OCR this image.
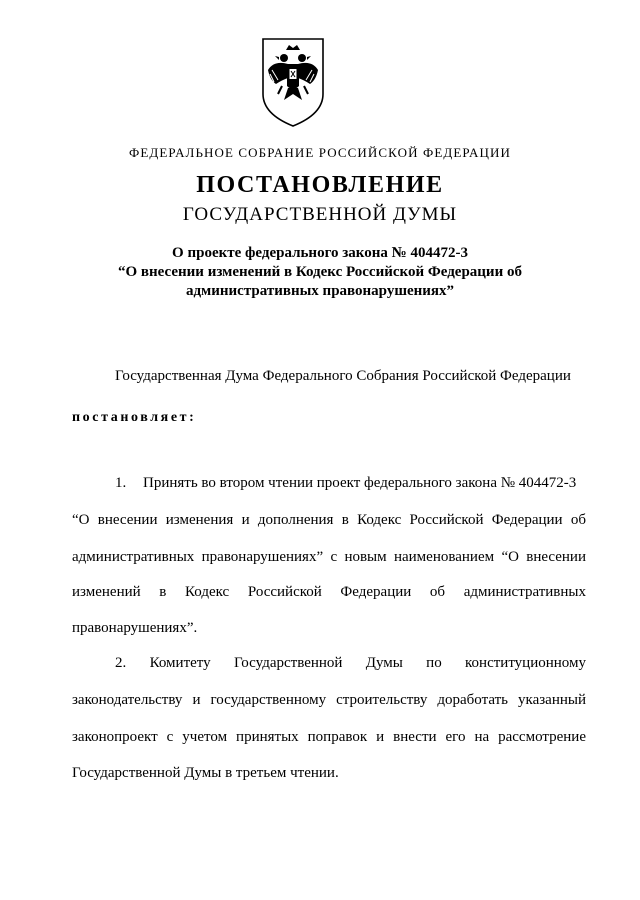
ФЕДЕРАЛЬНОЕ СОБРАНИЕ РОССИЙСКОЙ ФЕДЕРАЦИИ
ПОСТАНОВЛЕНИЕ
ГОСУДАРСТВЕННОЙ ДУМЫ
О проекте федерального закона № 404472-3
“О внесении изменений в Кодекс Российской Федерации об
административных правонарушениях”
Государственная Дума Федерального Собрания Российской Федерации
постановляет:
1. Принять во втором чтении проект федерального закона № 404472-3
“О внесении изменения и дополнения в Кодекс Российской Федерации об
административных правонарушениях” с новым наименованием “О внесении
изменений в Кодекс Российской Федерации об административных
правонарушениях”.
2. Комитету Государственной Думы по конституционному
законодательству и государственному строительству доработать указанный
законопроект с учетом принятых поправок и внести его на рассмотрение
Государственной Думы в третьем чтении.
